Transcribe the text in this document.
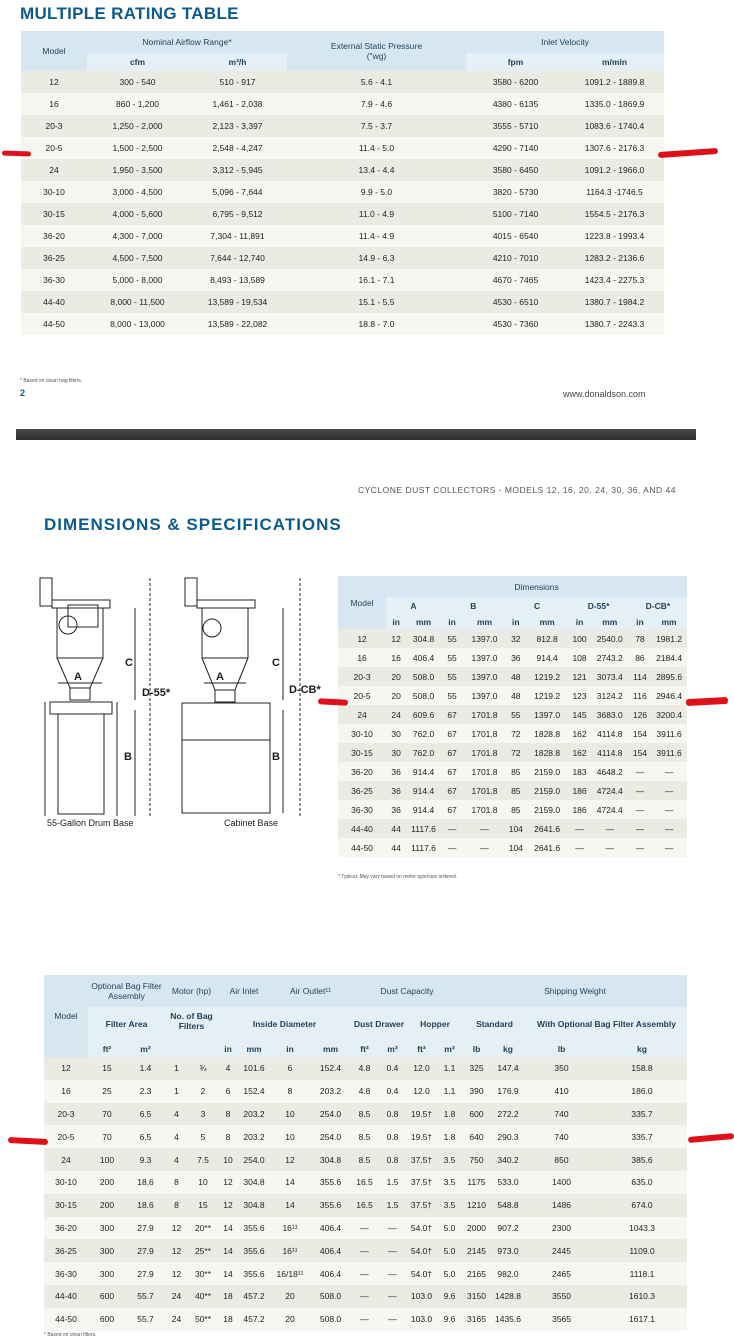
MULTIPLE RATING TABLE
Model	Nominal Airflow Range*		External Static Pressure
("wg)	Inlet Velocity	
	cfm	m³/h		fpm	m/min
12	300 - 540	510 - 917	5.6 - 4.1	3580 - 6200	1091.2 - 1889.8
16	860 - 1,200	1,461 - 2,038	7.9 - 4.6	4380 - 6135	1335.0 - 1869.9
20-3	1,250 - 2,000	2,123 - 3,397	7.5 - 3.7	3555 - 5710	1083.6 - 1740.4
20-5	1,500 - 2,500	2,548 - 4,247	11.4 - 5.0	4290 - 7140	1307.6 - 2176.3
24	1,950 - 3,500	3,312 - 5,945	13.4 - 4.4	3580 - 6450	1091.2 - 1966.0
30-10	3,000 - 4,500	5,096 - 7,644	9.9 - 5.0	3820 - 5730	1164.3 -1746.5
30-15	4,000 - 5,600	6,795 - 9,512	11.0 - 4.9	5100 - 7140	1554.5 - 2176.3
36-20	4,300 - 7,000	7,304 - 11,891	11.4 - 4.9	4015 - 6540	1223.8 - 1993.4
36-25	4,500 - 7,500	7,644 - 12,740	14.9 - 6.3	4210 - 7010	1283.2 - 2136.6
36-30	5,000 - 8,000	8,493 - 13,589	16.1 - 7.1	4670 - 7465	1423.4 - 2275.3
44-40	8,000 - 11,500	13,589 - 19,534	15.1 - 5.5	4530 - 6510	1380.7 - 1984.2
44-50	8,000 - 13,000	13,589 - 22,082	18.8 - 7.0	4530 - 7360	1380.7 - 2243.3
* Based on clean bag filters.
2	www.donaldson.com
CYCLONE DUST COLLECTORS - MODELS 12, 16, 20, 24, 30, 36, AND 44
DIMENSIONS & SPECIFICATIONS
C
A
B
D-55*
C
A
B
D-CB*
55-Gallon Drum Base	Cabinet Base
Model	Dimensions									
	A		B		C		D-55*		D-CB*	
	in	mm	in	mm	in	mm	in	mm	in	mm
12	12	304.8	55	1397.0	32	812.8	100	2540.0	78	1981.2
16	16	406.4	55	1397.0	36	914.4	108	2743.2	86	2184.4
20-3	20	508.0	55	1397.0	48	1219.2	121	3073.4	114	2895.6
20-5	20	508.0	55	1397.0	48	1219.2	123	3124.2	116	2946.4
24	24	609.6	67	1701.8	55	1397.0	145	3683.0	126	3200.4
30-10	30	762.0	67	1701.8	72	1828.8	162	4114.8	154	3911.6
30-15	30	762.0	67	1701.8	72	1828.8	162	4114.8	154	3911.6
36-20	36	914.4	67	1701.8	85	2159.0	183	4648.2	—	—
36-25	36	914.4	67	1701.8	85	2159.0	186	4724.4	—	—
36-30	36	914.4	67	1701.8	85	2159.0	186	4724.4	—	—
44-40	44	1117.6	—	—	104	2641.6	—	—	—	—
44-50	44	1117.6	—	—	104	2641.6	—	—	—	—
* Typical. May vary based on motor type/size ordered.
Model	Optional Bag Filter Assembly		Motor (hp)		Air Inlet		Air Outlet¹¹		Dust Capacity				Shipping Weight			
	Filter Area		No. of Bag Filters		Inside Diameter				Dust Drawer		Hopper		Standard		With Optional Bag Filter Assembly	
	ft²	m²			in	mm	in	mm	ft³	m³	ft³	m³	lb	kg	lb	kg
12	15	1.4	1	¾	4	101.6	6	152.4	4.8	0.4	12.0	1.1	325	147.4	350	158.8
16	25	2.3	1	2	6	152.4	8	203.2	4.8	0.4	12.0	1.1	390	176.9	410	186.0
20-3	70	6.5	4	3	8	203.2	10	254.0	8.5	0.8	19.5†	1.8	600	272.2	740	335.7
20-5	70	6.5	4	5	8	203.2	10	254.0	8.5	0.8	19.5†	1.8	640	290.3	740	335.7
24	100	9.3	4	7.5	10	254.0	12	304.8	8.5	0.8	37.5†	3.5	750	340.2	850	385.6
30-10	200	18.6	8	10	12	304.8	14	355.6	16.5	1.5	37.5†	3.5	1175	533.0	1400	635.0
30-15	200	18.6	8	15	12	304.8	14	355.6	16.5	1.5	37.5†	3.5	1210	548.8	1486	674.0
36-20	300	27.9	12	20**	14	355.6	16¹¹	406.4	—	—	54.0†	5.0	2000	907.2	2300	1043.3
36-25	300	27.9	12	25**	14	355.6	16¹¹	406.4	—	—	54.0†	5.0	2145	973.0	2445	1109.0
36-30	300	27.9	12	30**	14	355.6	16/18¹¹	406.4	—	—	54.0†	5.0	2165	982.0	2465	1118.1
44-40	600	55.7	24	40**	18	457.2	20	508.0	—	—	103.0	9.6	3150	1428.8	3550	1610.3
44-50	600	55.7	24	50**	18	457.2	20	508.0	—	—	103.0	9.6	3165	1435.6	3565	1617.1
* Based on clean filters.
